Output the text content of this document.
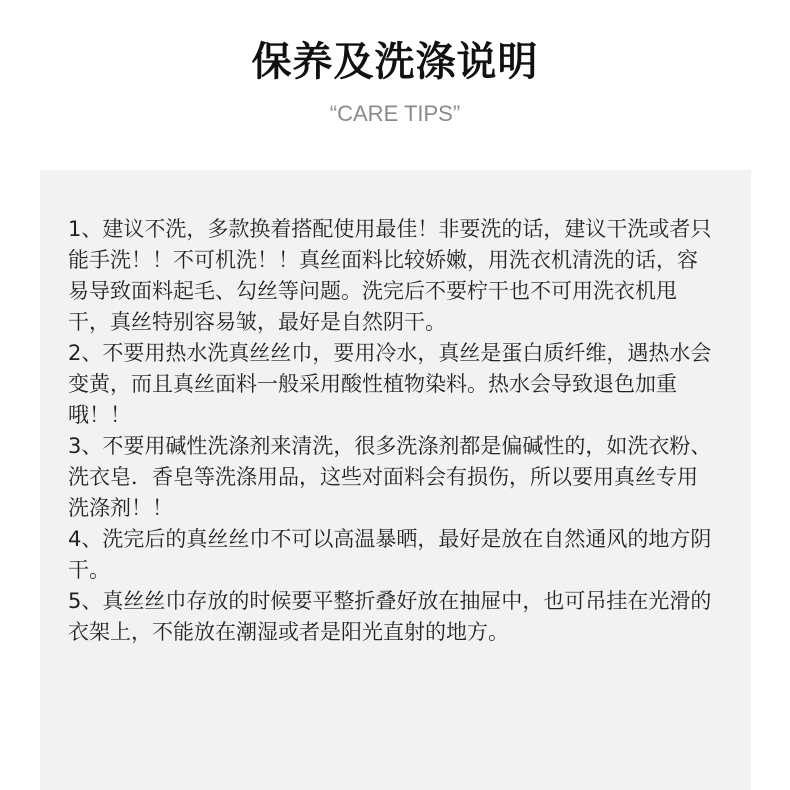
保养及洗涤说明
“CARE TIPS”
1、建议不洗，多款换着搭配使用最佳！非要洗的话，建议干洗或者只能手洗！！不可机洗！！真丝面料比较娇嫩，用洗衣机清洗的话，容易导致面料起毛、勾丝等问题。洗完后不要柠干也不可用洗衣机甩干，真丝特别容易皱，最好是自然阴干。
2、不要用热水洗真丝丝巾，要用冷水，真丝是蛋白质纤维，遇热水会变黄，而且真丝面料一般采用酸性植物染料。热水会导致退色加重哦！！
3、不要用碱性洗涤剂来清洗，很多洗涤剂都是偏碱性的，如洗衣粉、洗衣皂．香皂等洗涤用品，这些对面料会有损伤，所以要用真丝专用洗涤剂！！
4、洗完后的真丝丝巾不可以高温暴晒，最好是放在自然通风的地方阴干。
5、真丝丝巾存放的时候要平整折叠好放在抽屉中，也可吊挂在光滑的衣架上，不能放在潮湿或者是阳光直射的地方。
